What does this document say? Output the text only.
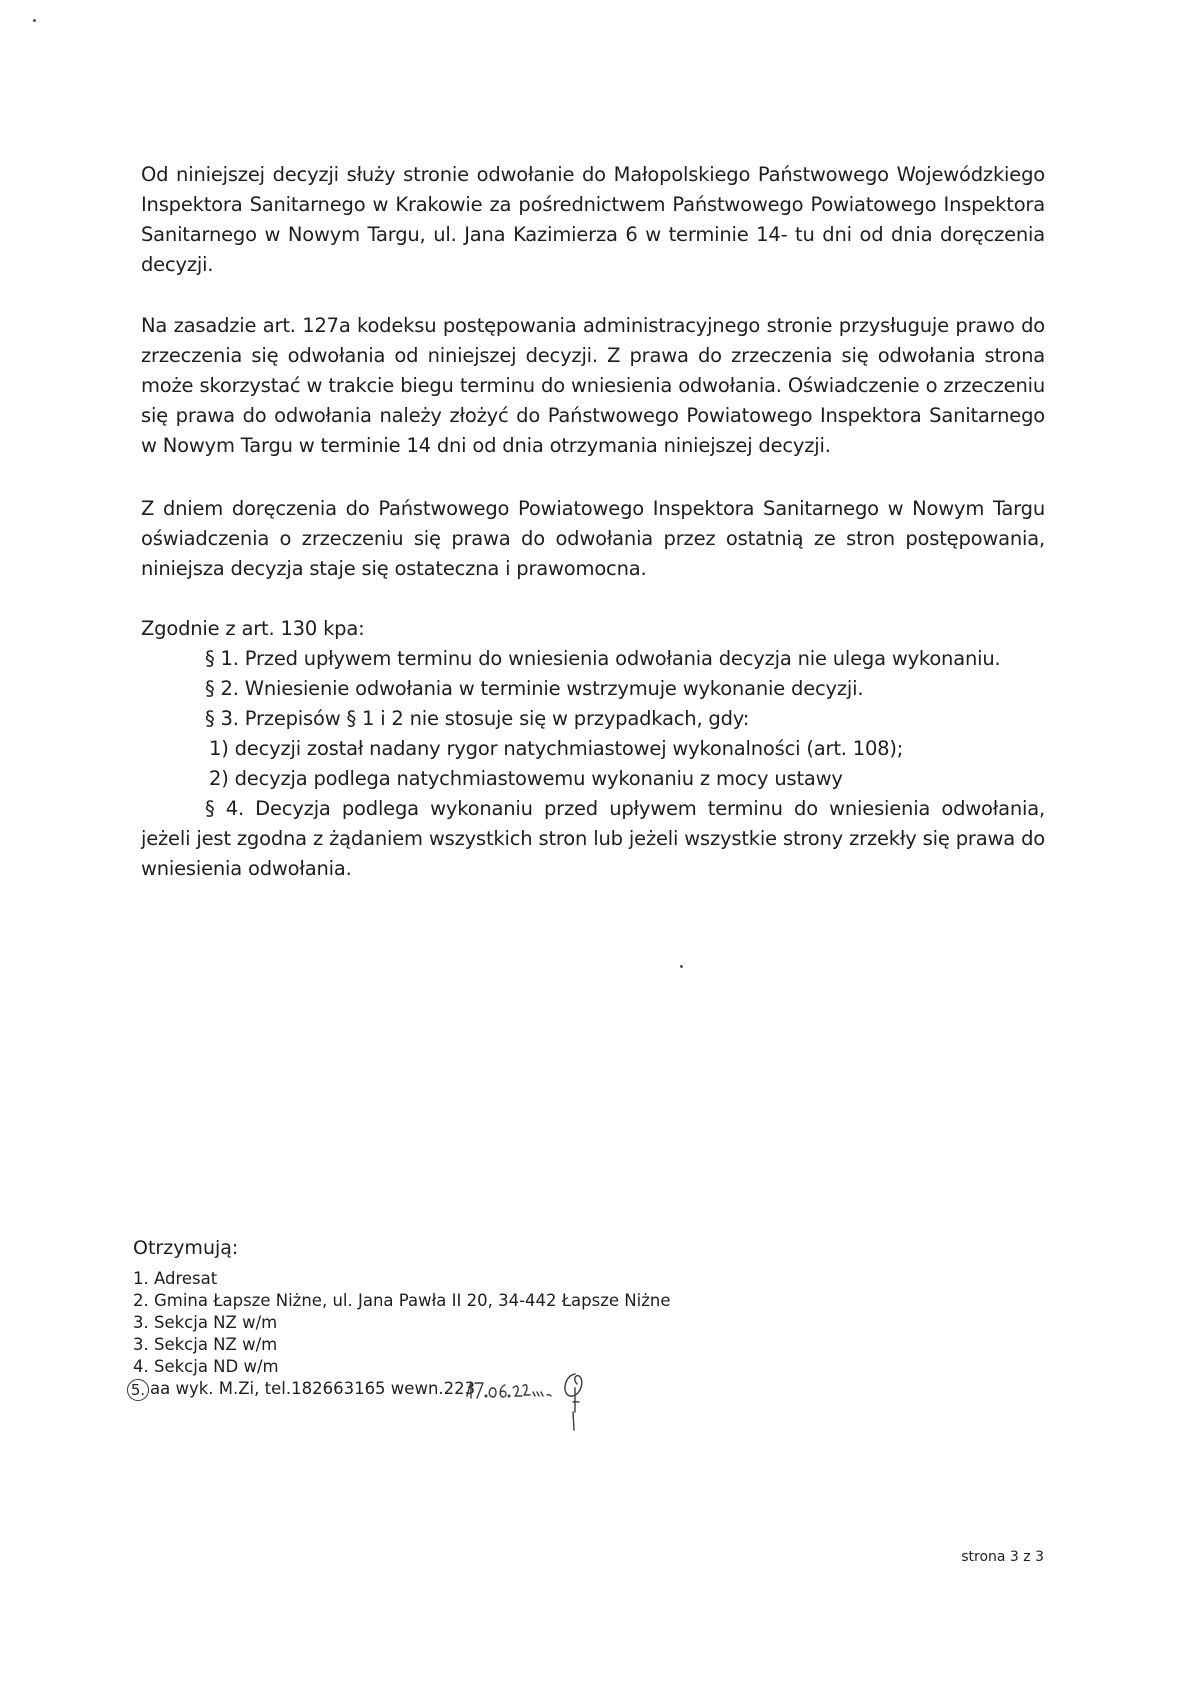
Od niniejszej decyzji służy stronie odwołanie do Małopolskiego Państwowego Wojewódzkiego Inspektora Sanitarnego w Krakowie za pośrednictwem Państwowego Powiatowego Inspektora Sanitarnego w Nowym Targu, ul. Jana Kazimierza 6 w terminie 14- tu dni od dnia doręczenia decyzji.

Na zasadzie art. 127a kodeksu postępowania administracyjnego stronie przysługuje prawo do zrzeczenia się odwołania od niniejszej decyzji. Z prawa do zrzeczenia się odwołania strona może skorzystać w trakcie biegu terminu do wniesienia odwołania. Oświadczenie o zrzeczeniu się prawa do odwołania należy złożyć do Państwowego Powiatowego Inspektora Sanitarnego w Nowym Targu w terminie 14 dni od dnia otrzymania niniejszej decyzji.

Z dniem doręczenia do Państwowego Powiatowego Inspektora Sanitarnego w Nowym Targu oświadczenia o zrzeczeniu się prawa do odwołania przez ostatnią ze stron postępowania, niniejsza decyzja staje się ostateczna i prawomocna.

Zgodnie z art. 130 kpa:

§ 1. Przed upływem terminu do wniesienia odwołania decyzja nie ulega wykonaniu.

§ 2. Wniesienie odwołania w terminie wstrzymuje wykonanie decyzji.

§ 3. Przepisów § 1 i 2 nie stosuje się w przypadkach, gdy:

1) decyzji został nadany rygor natychmiastowej wykonalności (art. 108);

2) decyzja podlega natychmiastowemu wykonaniu z mocy ustawy

§ 4. Decyzja podlega wykonaniu przed upływem terminu do wniesienia odwołania, jeżeli jest zgodna z żądaniem wszystkich stron lub jeżeli wszystkie strony zrzekły się prawa do wniesienia odwołania.

Otrzymują:

1. Adresat

2. Gmina Łapsze Niżne, ul. Jana Pawła II 20, 34-442 Łapsze Niżne

3. Sekcja NZ w/m

3. Sekcja NZ w/m

4. Sekcja ND w/m

5. aa wyk. M.Zi, tel.182663165 wewn.223

strona 3 z 3
